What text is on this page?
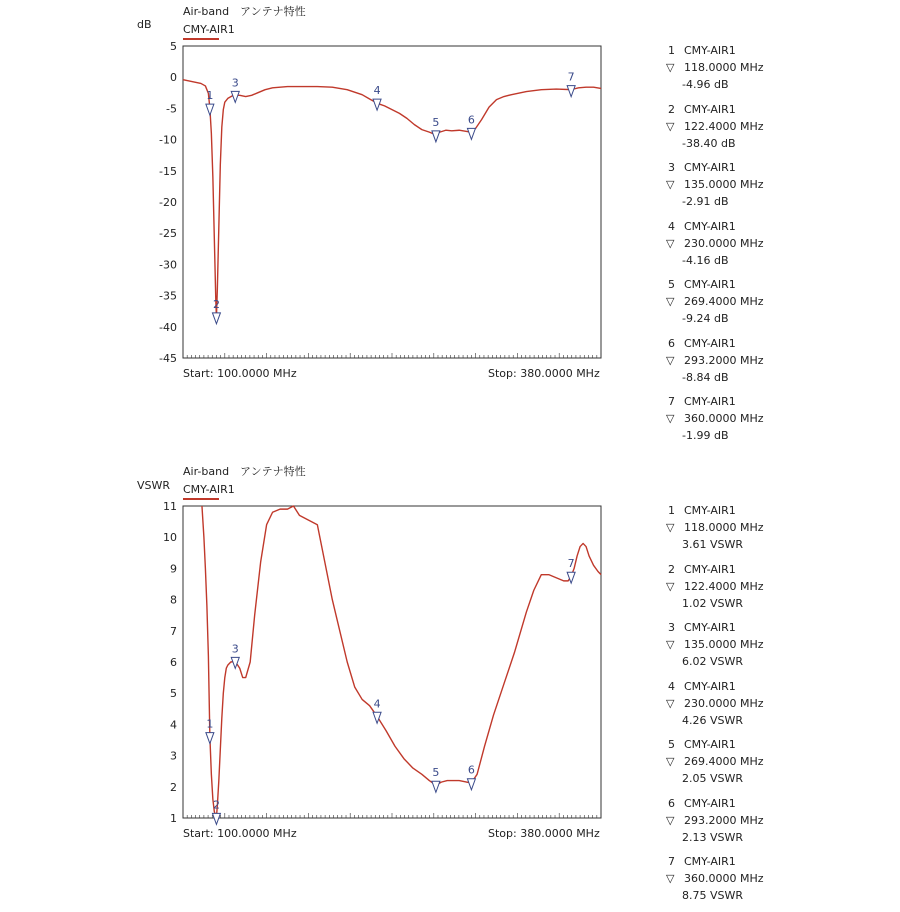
Air-band　アンテナ特性
CMY-AIR1
dB
5
0
-5
-10
-15
-20
-25
-30
-35
-40
-45
1
2
3
4
5	6
7
Start: 100.0000 MHz	Stop: 380.0000 MHz
Air-band　アンテナ特性
CMY-AIR1
VSWR
11
10
9
8
7
6
5
4
3
2
1
1
2
3
4
5	6
7
Start: 100.0000 MHz	Stop: 380.0000 MHz
1 CMY-AIR1
▽ 118.0000 MHz
-4.96 dB
2 CMY-AIR1
▽ 122.4000 MHz
-38.40 dB
3 CMY-AIR1
▽ 135.0000 MHz
-2.91 dB
4 CMY-AIR1
▽ 230.0000 MHz
-4.16 dB
5 CMY-AIR1
▽ 269.4000 MHz
-9.24 dB
6 CMY-AIR1
▽ 293.2000 MHz
-8.84 dB
7 CMY-AIR1
▽ 360.0000 MHz
-1.99 dB
1 CMY-AIR1
▽ 118.0000 MHz
3.61 VSWR
2 CMY-AIR1
▽ 122.4000 MHz
1.02 VSWR
3 CMY-AIR1
▽ 135.0000 MHz
6.02 VSWR
4 CMY-AIR1
▽ 230.0000 MHz
4.26 VSWR
5 CMY-AIR1
▽ 269.4000 MHz
2.05 VSWR
6 CMY-AIR1
▽ 293.2000 MHz
2.13 VSWR
7 CMY-AIR1
▽ 360.0000 MHz
8.75 VSWR
